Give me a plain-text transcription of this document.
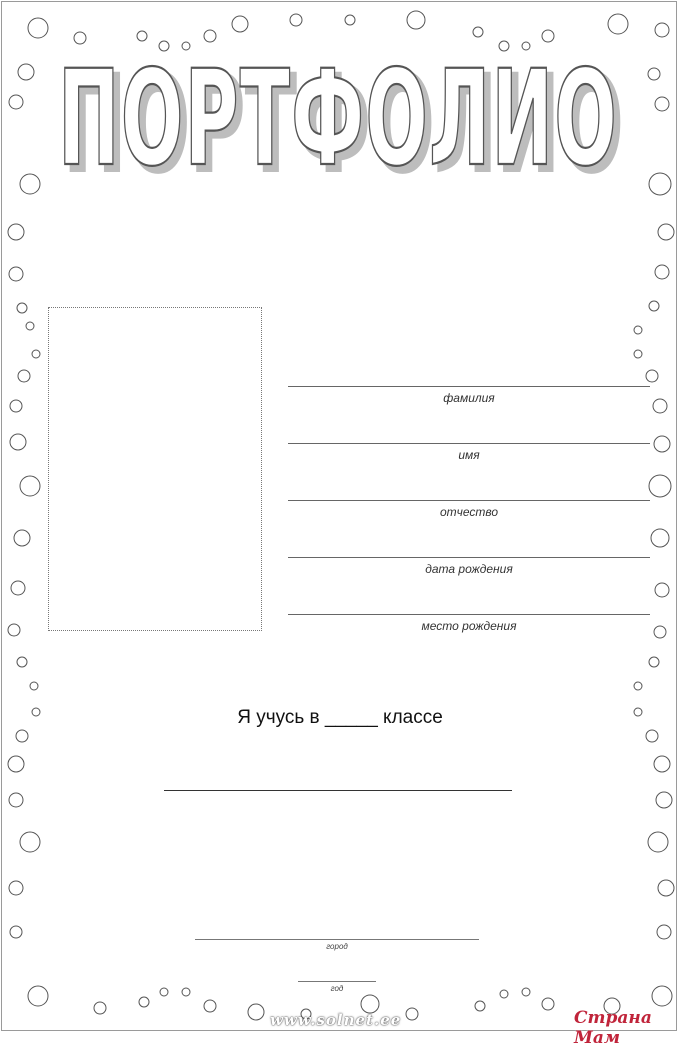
ПОРТФОЛИО
ПОРТФОЛИО
фамилия
имя
отчество
дата рождения
место рождения
Я учусь в _____ классе
город
год
www.solnet.ee	Страна Мам
